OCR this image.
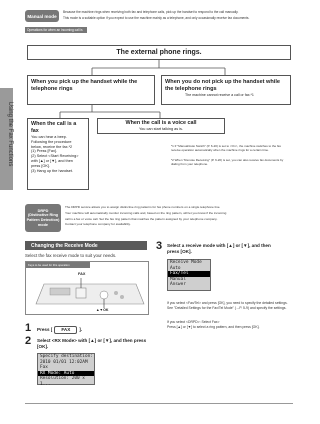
Using the Fax Functions
Manual mode
Because the machine rings when receiving both fax and telephone calls, pick up the handset to respond to the call manually.
This mode is a suitable option if you expect to use the machine mainly as a telephone, and only occasionally receive fax documents.
Operations for when an incoming call is
The external phone rings.
When you pick up the handset while the
telephone rings
When you do not pick up the handset while
the telephone rings
The machine cannot receive a call or fax.*1
When the call is a fax
You can hear a beep.
Following the procedure
below, receive the fax.*2
(1) Press [Fax].
(2) Select <Start Receiving>
with [▲] or [▼], and then
press [OK].
(3) Hang up the handset.
When the call is a voice call
You can start talking as is.
*1 If "Manual/Auto Switch" (P. 6-20) is set to <On>, the machine switches to the fax receive operation automatically when the machine rings for a certain time.
*2 When "Remote Receiving" (P. 6-20) is set, you can also receive fax documents by dialing from your telephone.
DRPD
(Distinctive Ring
Pattern Detection)
mode
The DRPD service allows you to assign distinctive ring patterns for fax phone numbers on a single telephone line.
Your machine will automatically monitor incoming calls and, based on the ring pattern, will let you know if the incoming
call is a fax or voice call. Set the fax ring pattern that matches the pattern assigned by your telephone company.
Contact your telephone company for availability.
Changing the Receive Mode
Select the fax receive mode to suit your needs.
Keys to be used for this operation
FAX
▲▼OK
1 Press [	FAX	].
2 Select <RX Mode> with [▲] or [▼], and then press
[OK].
Specify destination:
2010 01/01 12:02AM
Fax
RX Mode: Auto
Resolution: 200 x 1...
3 Select a receive mode with [▲] or [▼], and then
press [OK].
Receive Mode
Auto
Fax/Tel
Manual
Answer
If you select <Fax/Tel> and press [OK], you need to specify the detailed settings. See "Detailed Settings for the Fax/Tel Mode" (→P. 5-9) and specify the settings.
If you select <DRPD>: Select Fax>
Press [▲] or [▼] to select a ring pattern, and then press [OK].
